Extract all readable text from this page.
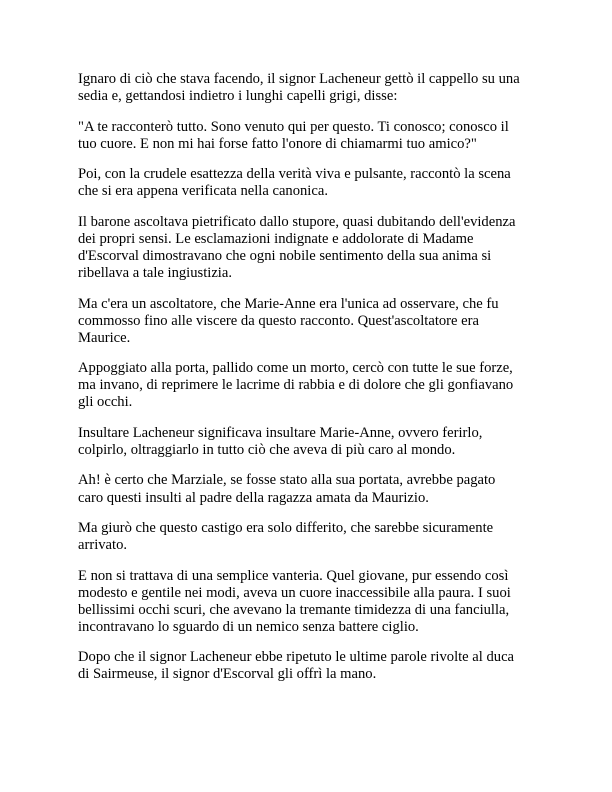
Ignaro di ciò che stava facendo, il signor Lacheneur gettò il cappello su una
sedia e, gettandosi indietro i lunghi capelli grigi, disse:

"A te racconterò tutto. Sono venuto qui per questo. Ti conosco; conosco il
tuo cuore. E non mi hai forse fatto l'onore di chiamarmi tuo amico?"

Poi, con la crudele esattezza della verità viva e pulsante, raccontò la scena
che si era appena verificata nella canonica.

Il barone ascoltava pietrificato dallo stupore, quasi dubitando dell'evidenza
dei propri sensi. Le esclamazioni indignate e addolorate di Madame
d'Escorval dimostravano che ogni nobile sentimento della sua anima si
ribellava a tale ingiustizia.

Ma c'era un ascoltatore, che Marie-Anne era l'unica ad osservare, che fu
commosso fino alle viscere da questo racconto. Quest'ascoltatore era
Maurice.

Appoggiato alla porta, pallido come un morto, cercò con tutte le sue forze,
ma invano, di reprimere le lacrime di rabbia e di dolore che gli gonfiavano
gli occhi.

Insultare Lacheneur significava insultare Marie-Anne, ovvero ferirlo,
colpirlo, oltraggiarlo in tutto ciò che aveva di più caro al mondo.

Ah! è certo che Marziale, se fosse stato alla sua portata, avrebbe pagato
caro questi insulti al padre della ragazza amata da Maurizio.

Ma giurò che questo castigo era solo differito, che sarebbe sicuramente
arrivato.

E non si trattava di una semplice vanteria. Quel giovane, pur essendo così
modesto e gentile nei modi, aveva un cuore inaccessibile alla paura. I suoi
bellissimi occhi scuri, che avevano la tremante timidezza di una fanciulla,
incontravano lo sguardo di un nemico senza battere ciglio.

Dopo che il signor Lacheneur ebbe ripetuto le ultime parole rivolte al duca
di Sairmeuse, il signor d'Escorval gli offrì la mano.
